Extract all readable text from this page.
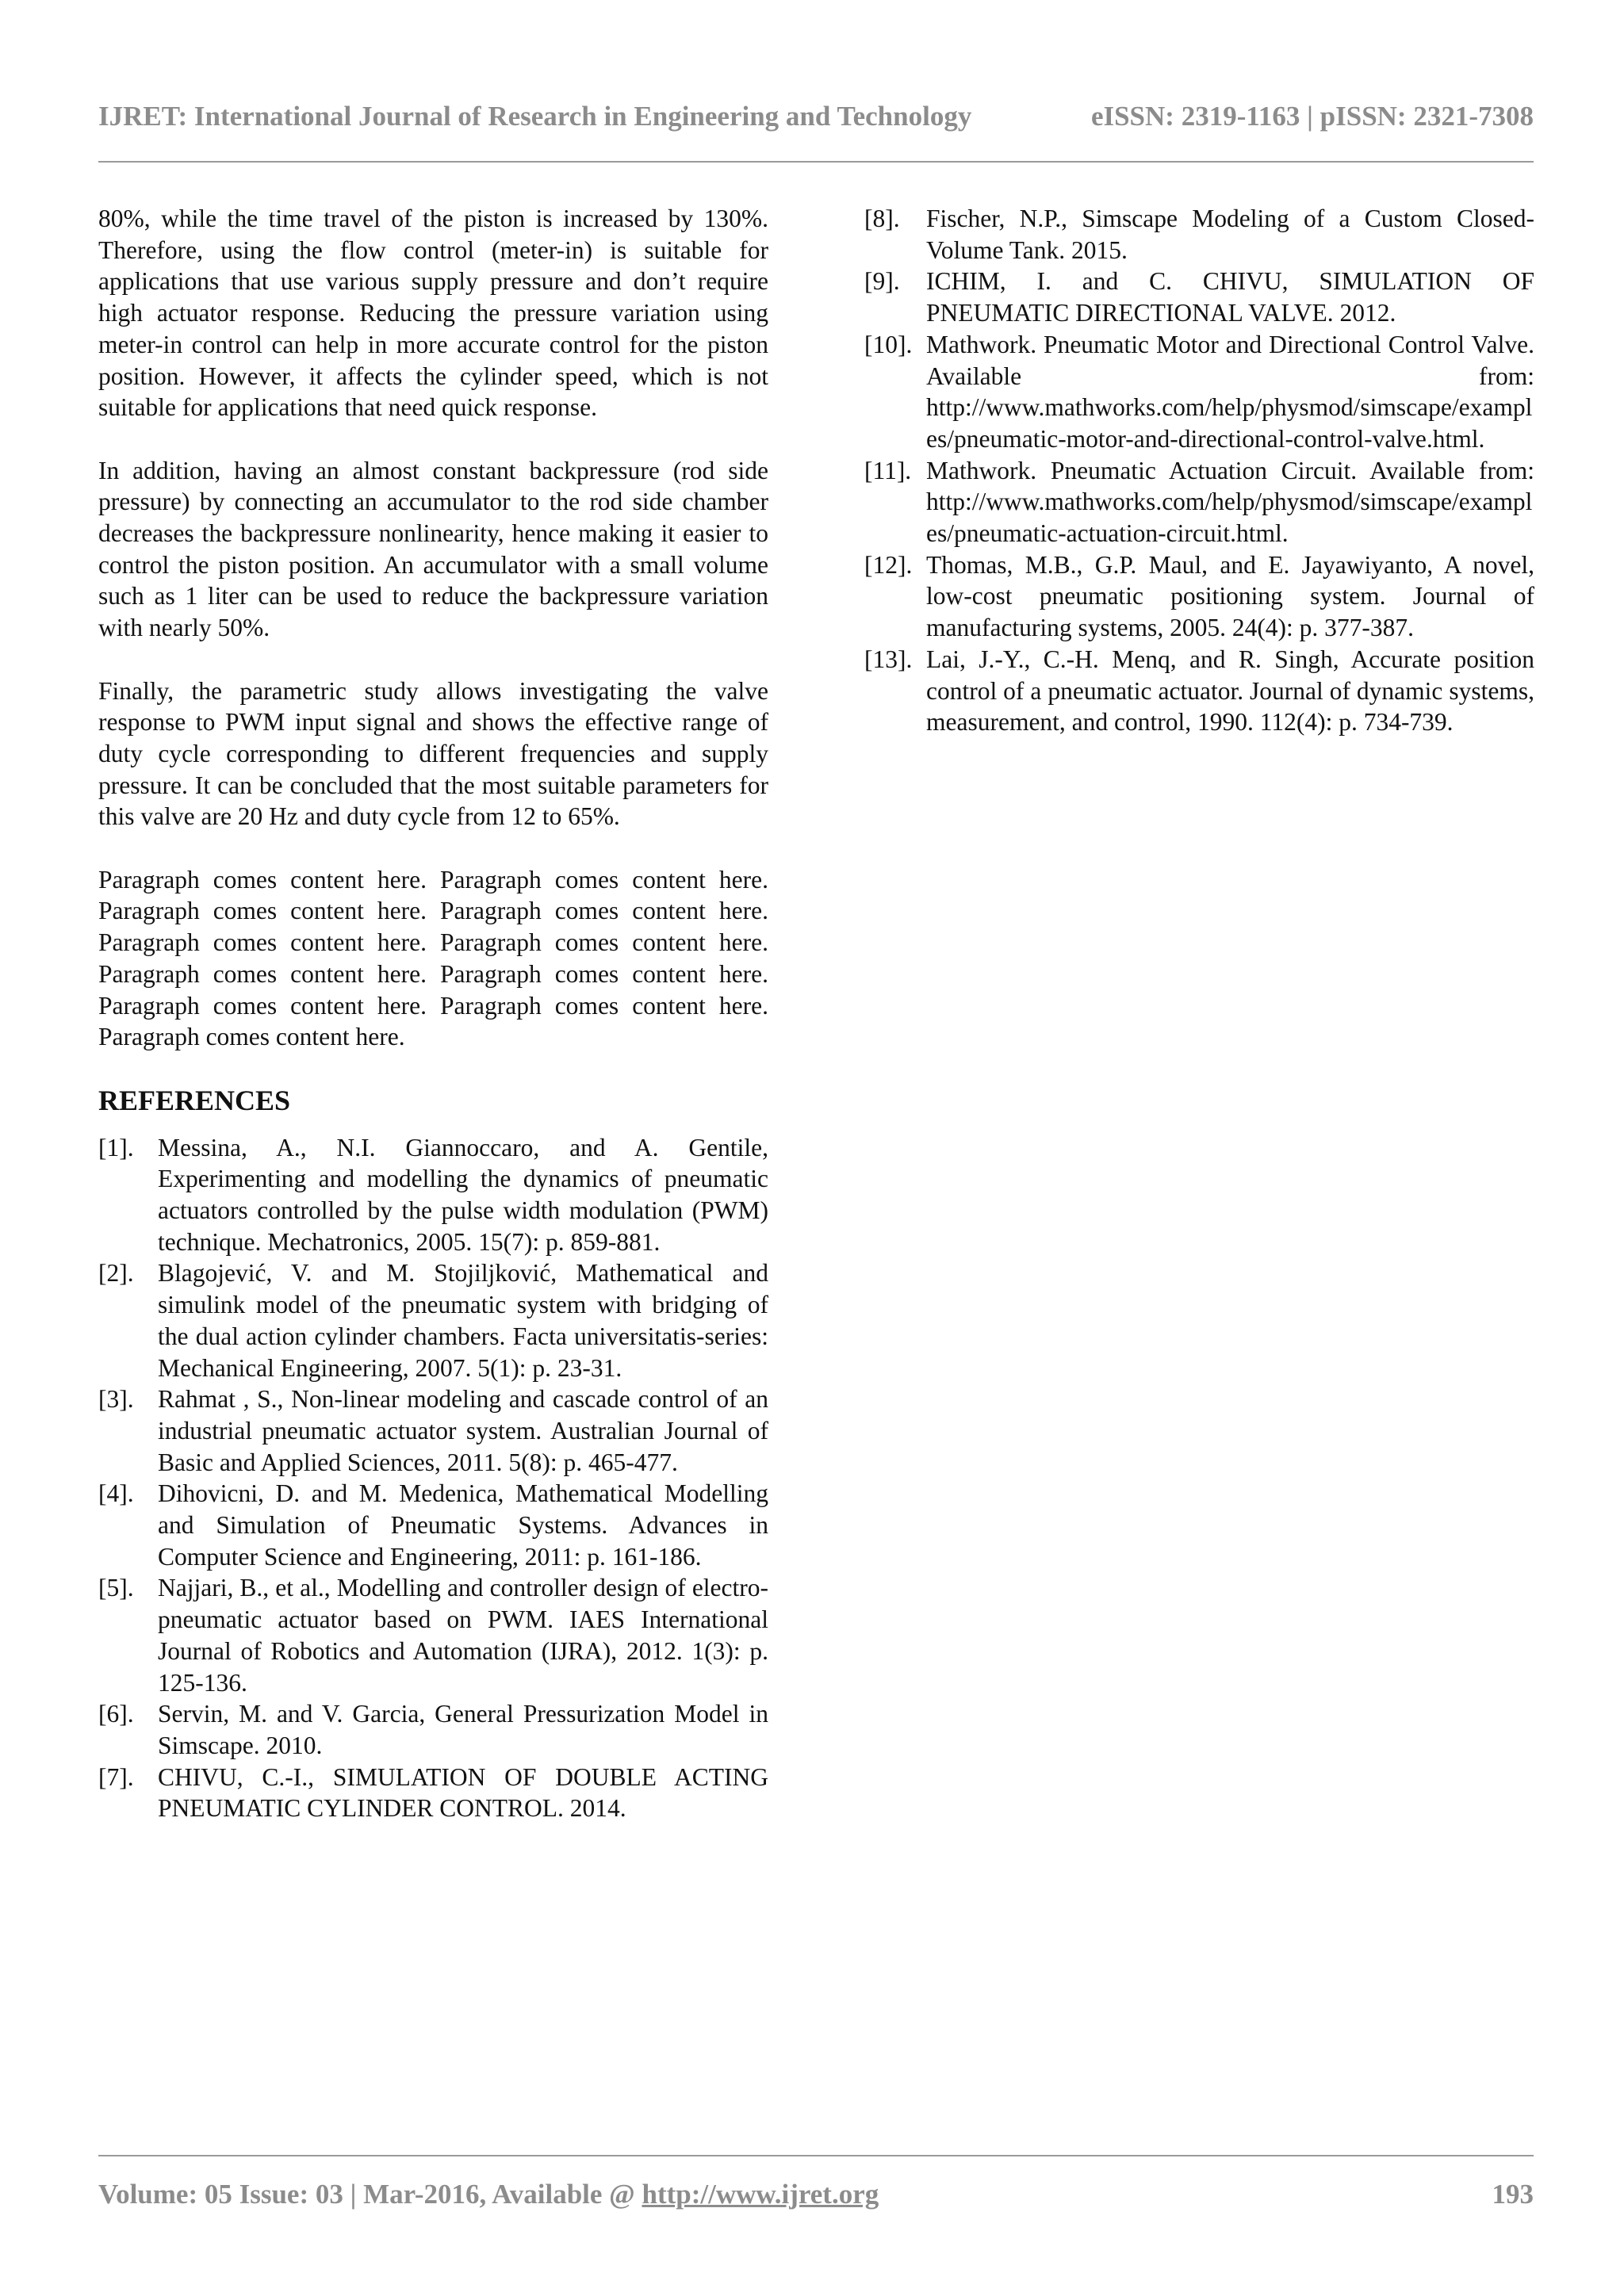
IJRET: International Journal of Research in Engineering and Technology	eISSN: 2319-1163 | pISSN: 2321-7308

80%, while the time travel of the piston is increased by 130%. Therefore, using the flow control (meter-in) is suitable for applications that use various supply pressure and don’t require high actuator response. Reducing the pressure variation using meter-in control can help in more accurate control for the piston position. However, it affects the cylinder speed, which is not suitable for applications that need quick response.

In addition, having an almost constant backpressure (rod side pressure) by connecting an accumulator to the rod side chamber decreases the backpressure nonlinearity, hence making it easier to control the piston position. An accumulator with a small volume such as 1 liter can be used to reduce the backpressure variation with nearly 50%.

Finally, the parametric study allows investigating the valve response to PWM input signal and shows the effective range of duty cycle corresponding to different frequencies and supply pressure. It can be concluded that the most suitable parameters for this valve are 20 Hz and duty cycle from 12 to 65%.

Paragraph comes content here. Paragraph comes content here. Paragraph comes content here. Paragraph comes content here. Paragraph comes content here. Paragraph comes content here. Paragraph comes content here. Paragraph comes content here. Paragraph comes content here. Paragraph comes content here. Paragraph comes content here.

REFERENCES
[1]. Messina, A., N.I. Giannoccaro, and A. Gentile, Experimenting and modelling the dynamics of pneumatic actuators controlled by the pulse width modulation (PWM) technique. Mechatronics, 2005. 15(7): p. 859-881.
[2]. Blagojević, V. and M. Stojiljković, Mathematical and simulink model of the pneumatic system with bridging of the dual action cylinder chambers. Facta universitatis-series: Mechanical Engineering, 2007. 5(1): p. 23-31.
[3]. Rahmat , S., Non-linear modeling and cascade control of an industrial pneumatic actuator system. Australian Journal of Basic and Applied Sciences, 2011. 5(8): p. 465-477.
[4]. Dihovicni, D. and M. Medenica, Mathematical Modelling and Simulation of Pneumatic Systems. Advances in Computer Science and Engineering, 2011: p. 161-186.
[5]. Najjari, B., et al., Modelling and controller design of electro-pneumatic actuator based on PWM. IAES International Journal of Robotics and Automation (IJRA), 2012. 1(3): p. 125-136.
[6]. Servin, M. and V. Garcia, General Pressurization Model in Simscape. 2010.
[7]. CHIVU, C.-I., SIMULATION OF DOUBLE ACTING PNEUMATIC CYLINDER CONTROL. 2014.
[8].	Fischer, N.P., Simscape Modeling of a Custom Closed-Volume Tank. 2015.
[9].	ICHIM, I. and C. CHIVU, SIMULATION OF PNEUMATIC DIRECTIONAL VALVE. 2012.
[10]. Mathwork. Pneumatic Motor and Directional Control Valve. Available from: http://www.mathworks.com/help/physmod/simscape/examples/pneumatic-motor-and-directional-control-valve.html.
[11]. Mathwork. Pneumatic Actuation Circuit. Available from: http://www.mathworks.com/help/physmod/simscape/examples/pneumatic-actuation-circuit.html.
[12]. Thomas, M.B., G.P. Maul, and E. Jayawiyanto, A novel, low-cost pneumatic positioning system. Journal of manufacturing systems, 2005. 24(4): p. 377-387.
[13]. Lai, J.-Y., C.-H. Menq, and R. Singh, Accurate position control of a pneumatic actuator. Journal of dynamic systems, measurement, and control, 1990. 112(4): p. 734-739.
Volume: 05 Issue: 03 | Mar-2016, Available @ http://www.ijret.org	193
